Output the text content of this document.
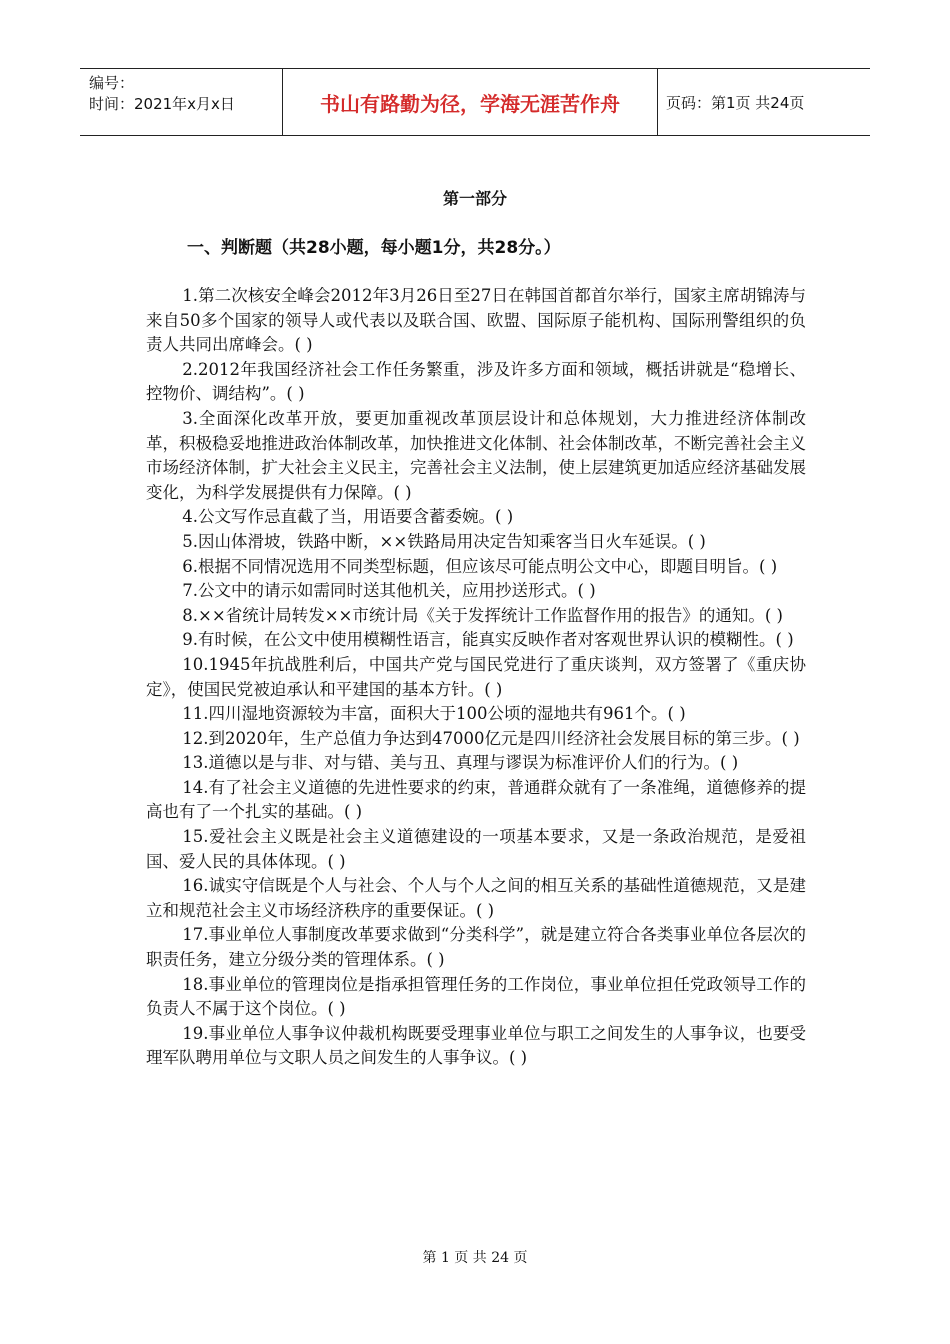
编号：
时间：2021年x月x日	书山有路勤为径，学海无涯苦作舟	页码：第1页 共24页
第一部分
一、判断题（共28小题，每小题1分，共28分。）

1.第二次核安全峰会2012年3月26日至27日在韩国首都首尔举行，国家主席胡锦涛与来自50多个国家的领导人或代表以及联合国、欧盟、国际原子能机构、国际刑警组织的负责人共同出席峰会。( )

2.2012年我国经济社会工作任务繁重，涉及许多方面和领域，概括讲就是“稳增长、控物价、调结构”。( )

3.全面深化改革开放，要更加重视改革顶层设计和总体规划，大力推进经济体制改革，积极稳妥地推进政治体制改革，加快推进文化体制、社会体制改革，不断完善社会主义市场经济体制，扩大社会主义民主，完善社会主义法制，使上层建筑更加适应经济基础发展变化，为科学发展提供有力保障。( )

4.公文写作忌直截了当，用语要含蓄委婉。( )

5.因山体滑坡，铁路中断，××铁路局用决定告知乘客当日火车延误。( )

6.根据不同情况选用不同类型标题，但应该尽可能点明公文中心，即题目明旨。( )

7.公文中的请示如需同时送其他机关，应用抄送形式。( )

8.××省统计局转发××市统计局《关于发挥统计工作监督作用的报告》的通知。( )

9.有时候，在公文中使用模糊性语言，能真实反映作者对客观世界认识的模糊性。( )

10.1945年抗战胜利后，中国共产党与国民党进行了重庆谈判，双方签署了《重庆协定》，使国民党被迫承认和平建国的基本方针。( )

11.四川湿地资源较为丰富，面积大于100公顷的湿地共有961个。( )

12.到2020年，生产总值力争达到47000亿元是四川经济社会发展目标的第三步。( )

13.道德以是与非、对与错、美与丑、真理与谬误为标准评价人们的行为。( )

14.有了社会主义道德的先进性要求的约束，普通群众就有了一条准绳，道德修养的提高也有了一个扎实的基础。( )

15.爱社会主义既是社会主义道德建设的一项基本要求，又是一条政治规范，是爱祖国、爱人民的具体体现。( )

16.诚实守信既是个人与社会、个人与个人之间的相互关系的基础性道德规范，又是建立和规范社会主义市场经济秩序的重要保证。( )

17.事业单位人事制度改革要求做到“分类科学”，就是建立符合各类事业单位各层次的职责任务，建立分级分类的管理体系。( )

18.事业单位的管理岗位是指承担管理任务的工作岗位，事业单位担任党政领导工作的负责人不属于这个岗位。( )

19.事业单位人事争议仲裁机构既要受理事业单位与职工之间发生的人事争议，也要受理军队聘用单位与文职人员之间发生的人事争议。( )

第 1 页 共 24 页
